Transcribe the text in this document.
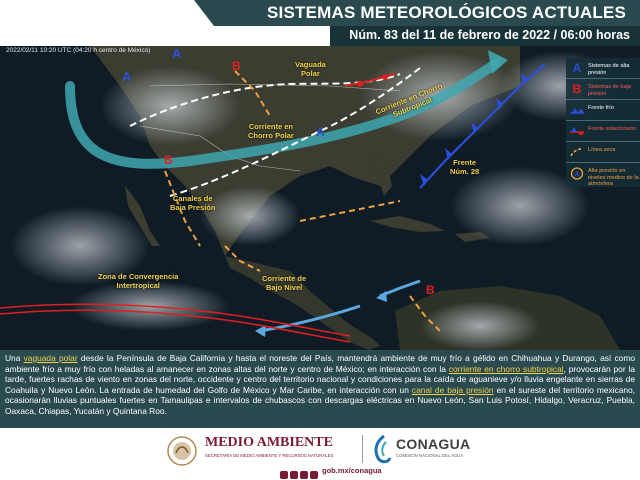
SISTEMAS METEOROLÓGICOS ACTUALES
Núm. 83 del 11 de febrero de 2022 / 06:00 horas
A
A
A
B
B
B
2022/02/11 10:20 UTC (04:20 h centro de México)
Vaguada
Polar
Corriente en
Chorro Polar
Corriente en Chorro
Subtropical
Canales de
Baja Presión
Frente
Núm. 28
Corriente de
Bajo Nivel
Zona de Convergencia
Intertropical
A	Sistemas de alta presión
B	Sistemas de baja presión
Frente frío
Frente estacionario
Línea seca
A
Alta presión en niveles medios de la atmósfera

Una vaguada polar desde la Península de Baja California y hasta el noreste del País, mantendrá ambiente de muy frío a gélido en Chihuahua y Durango, así como ambiente frío a muy frío con heladas al amanecer en zonas altas del norte y centro de México; en interacción con la corriente en chorro subtropical, provocarán por la tarde, fuertes rachas de viento en zonas del norte, occidente y centro del territorio nacional y condiciones para la caída de aguanieve y/o lluvia engelante en sierras de Coahuila y Nuevo León. La entrada de humedad del Golfo de México y Mar Caribe, en interacción con un canal de baja presión en el sureste del territorio mexicano, ocasionarán lluvias puntuales fuertes en Tamaulipas e intervalos de chubascos con descargas eléctricas en Nuevo León, San Luis Potosí, Hidalgo, Veracruz, Puebla, Oaxaca, Chiapas, Yucatán y Quintana Roo.

MEDIO AMBIENTE
SECRETARÍA DE MEDIO AMBIENTE Y RECURSOS NATURALES
CONAGUA
COMISIÓN NACIONAL DEL AGUA
gob.mx/conagua
